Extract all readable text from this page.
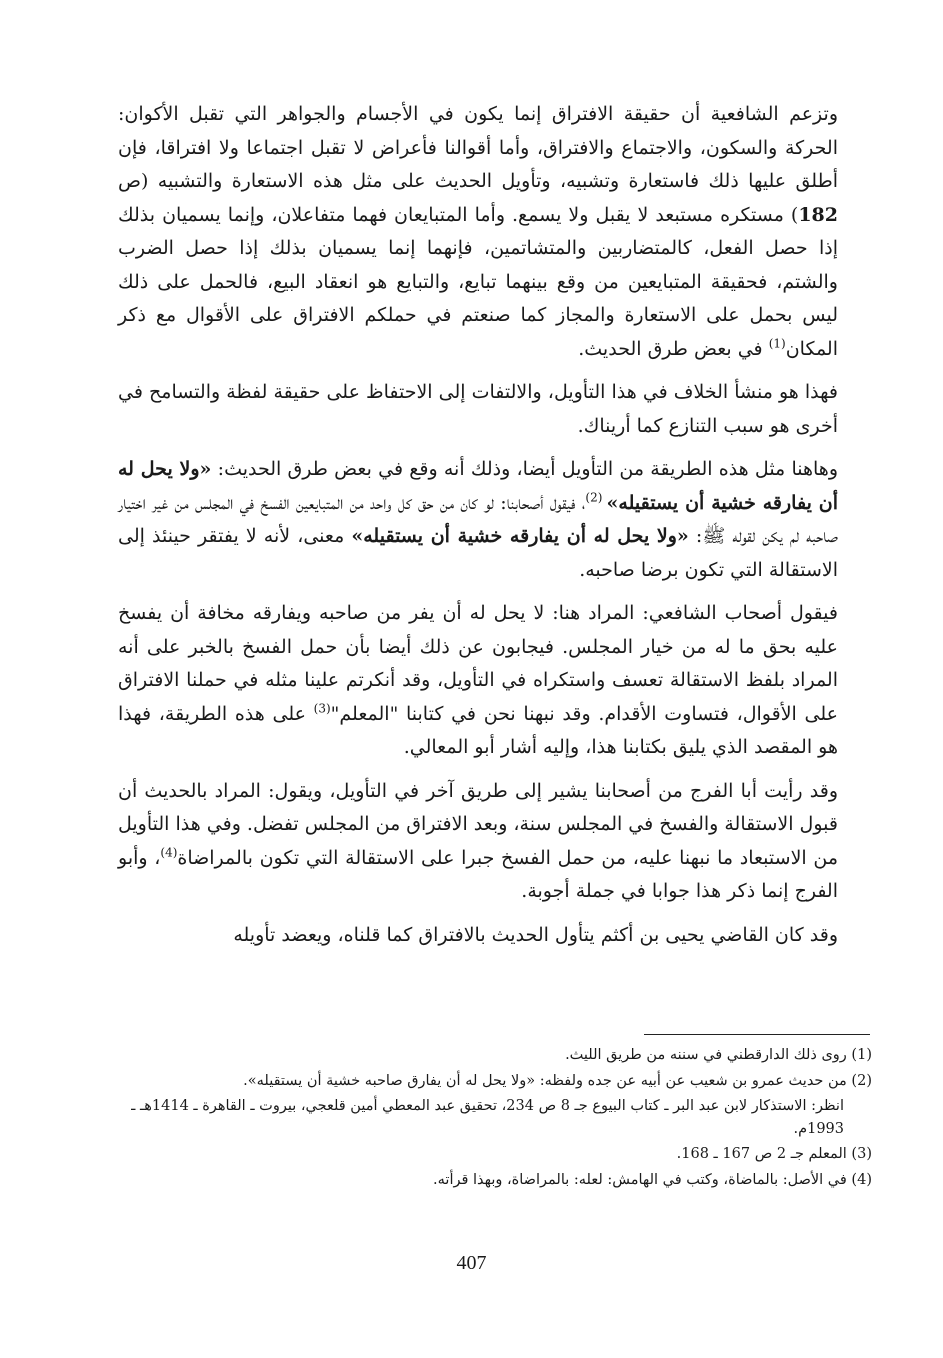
وتزعم الشافعية أن حقيقة الافتراق إنما يكون في الأجسام والجواهر التي تقبل الأكوان: الحركة والسكون، والاجتماع والافتراق، وأما أقوالنا فأعراض لا تقبل اجتماعا ولا افتراقا، فإن أطلق عليها ذلك فاستعارة وتشبيه، وتأويل الحديث على مثل هذه الاستعارة والتشبيه (ص 182) مستكره مستبعد لا يقبل ولا يسمع. وأما المتبايعان فهما متفاعلان، وإنما يسميان بذلك إذا حصل الفعل، كالمتضاربين والمتشاتمين، فإنهما إنما يسميان بذلك إذا حصل الضرب والشتم، فحقيقة المتبايعين من وقع بينهما تبايع، والتبايع هو انعقاد البيع، فالحمل على ذلك ليس بحمل على الاستعارة والمجاز كما صنعتم في حملكم الافتراق على الأقوال مع ذكر المكان$^{(1)}$ في بعض طرق الحديث.

فهذا هو منشأ الخلاف في هذا التأويل، والالتفات إلى الاحتفاظ على حقيقة لفظة والتسامح في أخرى هو سبب التنازع كما أريناك.

وهاهنا مثل هذه الطريقة من التأويل أيضا، وذلك أنه وقع في بعض طرق الحديث: «ولا يحل له أن يفارقه خشية أن يستقيله» $^{(2)}$، فيقول أصحابنا: لو كان من حق كل واحد من المتبايعين الفسخ في المجلس من غير اختيار صاحبه لم يكن لقوله ﷺ: «ولا يحل له أن يفارقه خشية أن يستقيله» معنى، لأنه لا يفتقر حينئذ إلى الاستقالة التي تكون برضا صاحبه.

فيقول أصحاب الشافعي: المراد هنا: لا يحل له أن يفر من صاحبه ويفارقه مخافة أن يفسخ عليه بحق ما له من خيار المجلس. فيجابون عن ذلك أيضا بأن حمل الفسخ بالخبر على أنه المراد بلفظ الاستقالة تعسف واستكراه في التأويل، وقد أنكرتم علينا مثله في حملنا الافتراق على الأقوال، فتساوت الأقدام. وقد نبهنا نحن في كتابنا "المعلم"$^{(3)}$ على هذه الطريقة، فهذا هو المقصد الذي يليق بكتابنا هذا، وإليه أشار أبو المعالي.

وقد رأيت أبا الفرج من أصحابنا يشير إلى طريق آخر في التأويل، ويقول: المراد بالحديث أن قبول الاستقالة والفسخ في المجلس سنة، وبعد الافتراق من المجلس تفضل. وفي هذا التأويل من الاستبعاد ما نبهنا عليه، من حمل الفسخ جبرا على الاستقالة التي تكون بالمراضاة$^{(4)}$، وأبو الفرج إنما ذكر هذا جوابا في جملة أجوبة.

وقد كان القاضي يحيى بن أكثم يتأول الحديث بالافتراق كما قلناه، ويعضد تأويله

(1) روى ذلك الدارقطني في سننه من طريق الليث.

(2) من حديث عمرو بن شعيب عن أبيه عن جده ولفظه: «ولا يحل له أن يفارق صاحبه خشية أن يستقيله».

انظر: الاستذكار لابن عبد البر ـ كتاب البيوع جـ 8 ص 234، تحقيق عبد المعطي أمين قلعجي، بيروت ـ القاهرة ـ 1414هـ ـ 1993م.

(3) المعلم جـ 2 ص 167 ـ 168.

(4) في الأصل: بالماضاة، وكتب في الهامش: لعله: بالمراضاة، وبهذا قرأته.

407
